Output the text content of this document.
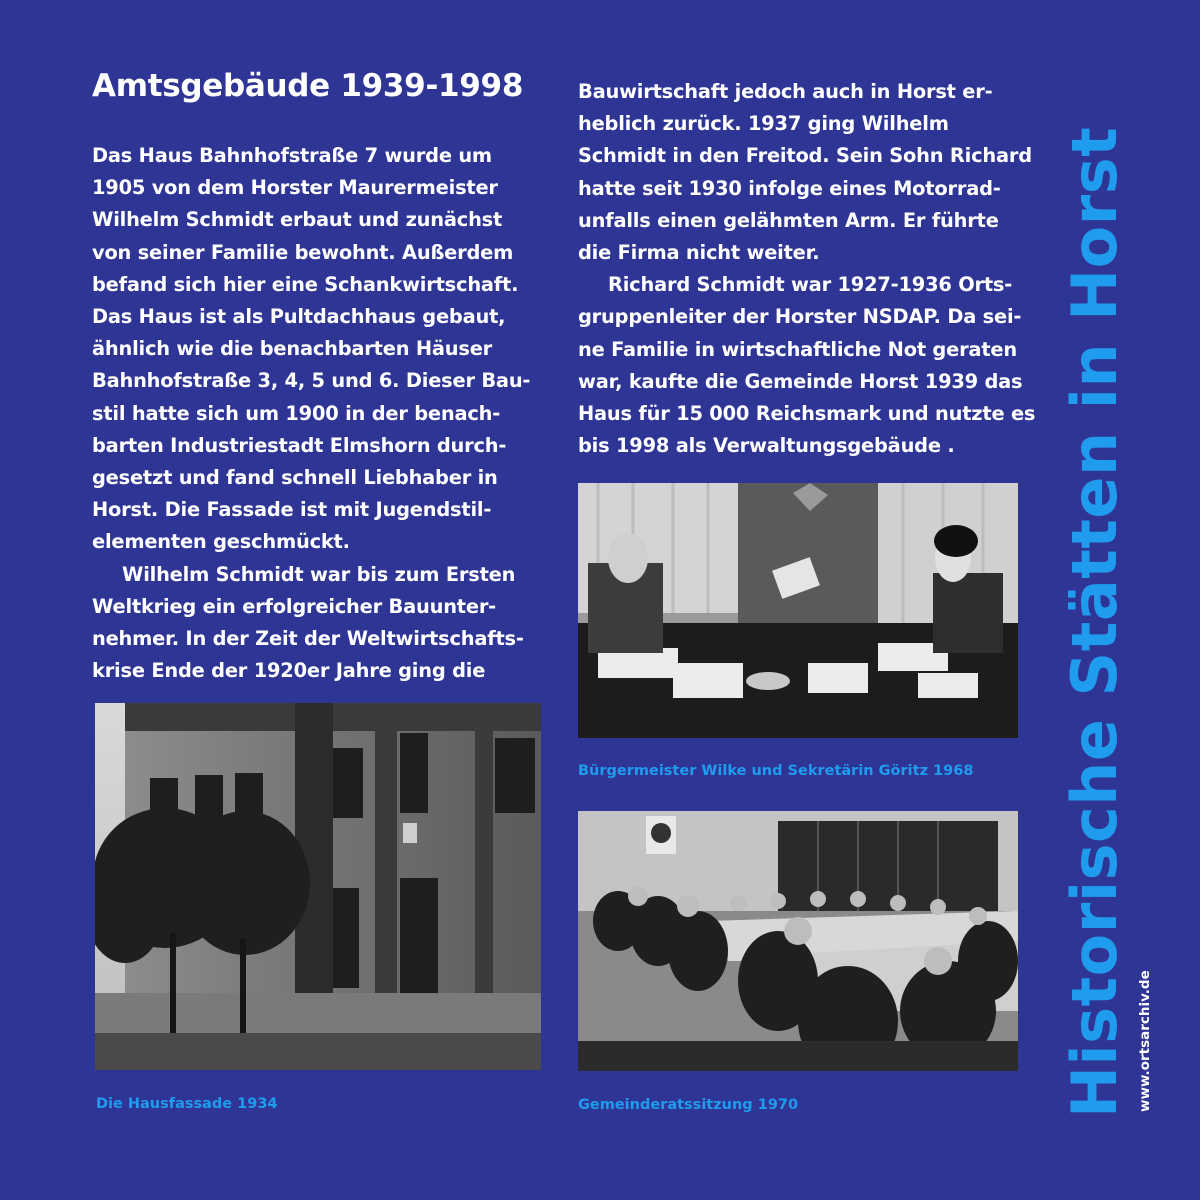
Amtsgebäude 1939-1998
Das Haus Bahnhofstraße 7 wurde um
1905 von dem Horster Maurermeister
Wilhelm Schmidt erbaut und zunächst
von seiner Familie bewohnt. Außerdem
befand sich hier eine Schankwirtschaft.
Das Haus ist als Pultdachhaus gebaut,
ähnlich wie die benachbarten Häuser
Bahnhofstraße 3, 4, 5 und 6. Dieser Bau-
stil hatte sich um 1900 in der benach-
barten Industriestadt Elmshorn durch-
gesetzt und fand schnell Liebhaber in
Horst. Die Fassade ist mit Jugendstil-
elementen geschmückt.
Wilhelm Schmidt war bis zum Ersten
Weltkrieg ein erfolgreicher Bauunter-
nehmer. In der Zeit der Weltwirtschafts-
krise Ende der 1920er Jahre ging die
Bauwirtschaft jedoch auch in Horst er-
heblich zurück. 1937 ging Wilhelm
Schmidt in den Freitod. Sein Sohn Richard
hatte seit 1930 infolge eines Motorrad-
unfalls einen gelähmten Arm. Er führte
die Firma nicht weiter.
Richard Schmidt war 1927-1936 Orts-
gruppenleiter der Horster NSDAP. Da sei-
ne Familie in wirtschaftliche Not geraten
war, kaufte die Gemeinde Horst 1939 das
Haus für 15 000 Reichsmark und nutzte es
bis 1998 als Verwaltungsgebäude .

Die Hausfassade 1934

Bürgermeister Wilke und Sekretärin Göritz 1968

Gemeinderatssitzung 1970	Historische Stätten in Horst www.ortsarchiv.de
